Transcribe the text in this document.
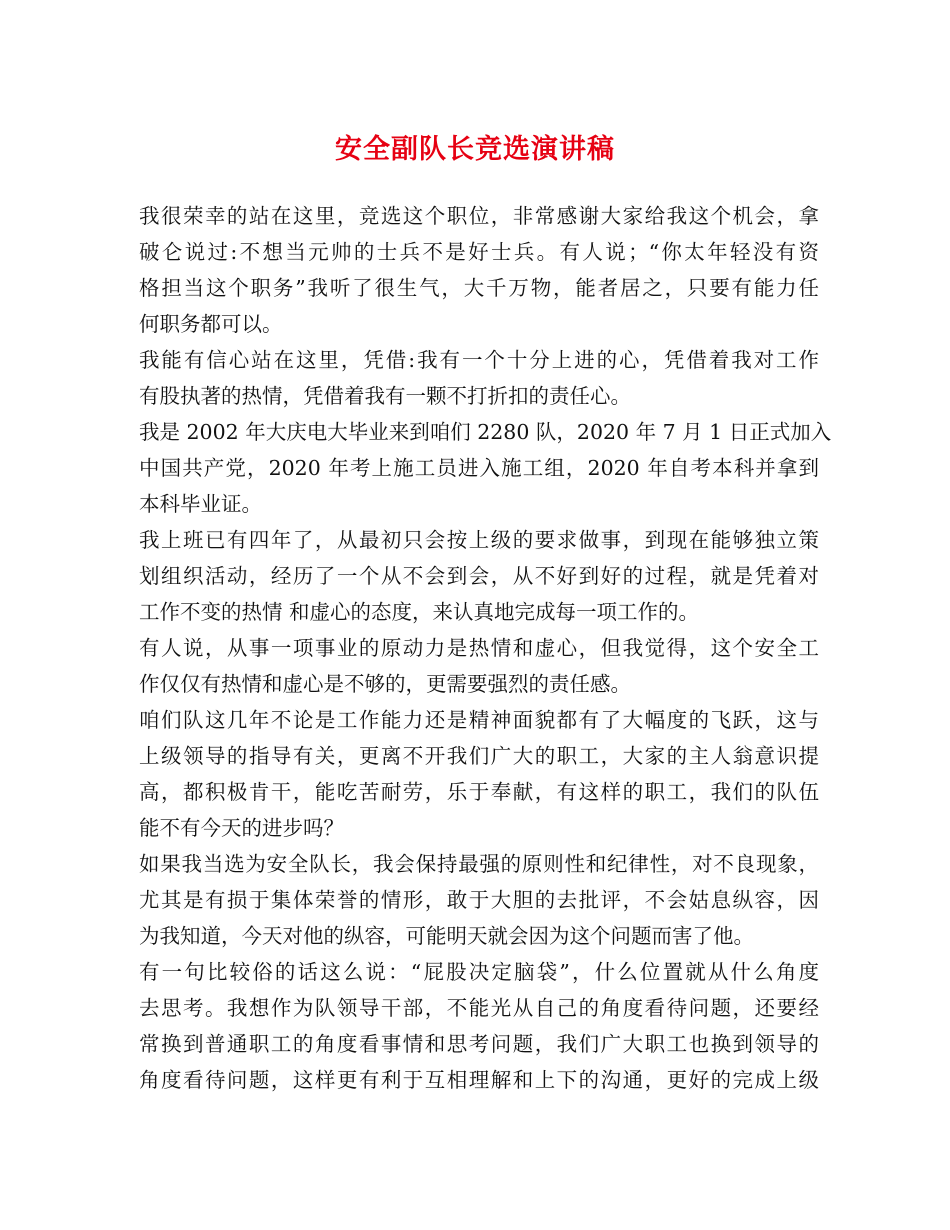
安全副队长竞选演讲稿
我很荣幸的站在这里，竞选这个职位，非常感谢大家给我这个机会，拿
破仑说过:不想当元帅的士兵不是好士兵。有人说；“你太年轻没有资
格担当这个职务”我听了很生气，大千万物，能者居之，只要有能力任
何职务都可以。
我能有信心站在这里，凭借:我有一个十分上进的心，凭借着我对工作
有股执著的热情，凭借着我有一颗不打折扣的责任心。
我是 2002 年大庆电大毕业来到咱们 2280 队，2020 年 7 月 1 日正式加入
中国共产党，2020 年考上施工员进入施工组，2020 年自考本科并拿到
本科毕业证。
我上班已有四年了，从最初只会按上级的要求做事，到现在能够独立策
划组织活动，经历了一个从不会到会，从不好到好的过程，就是凭着对
工作不变的热情 和虚心的态度，来认真地完成每一项工作的。
有人说，从事一项事业的原动力是热情和虚心，但我觉得，这个安全工
作仅仅有热情和虚心是不够的，更需要强烈的责任感。
咱们队这几年不论是工作能力还是精神面貌都有了大幅度的飞跃，这与
上级领导的指导有关，更离不开我们广大的职工，大家的主人翁意识提
高，都积极肯干，能吃苦耐劳，乐于奉献，有这样的职工，我们的队伍
能不有今天的进步吗？
如果我当选为安全队长，我会保持最强的原则性和纪律性，对不良现象，
尤其是有损于集体荣誉的情形，敢于大胆的去批评，不会姑息纵容，因
为我知道，今天对他的纵容，可能明天就会因为这个问题而害了他。
有一句比较俗的话这么说：“屁股决定脑袋”，什么位置就从什么角度
去思考。我想作为队领导干部，不能光从自己的角度看待问题，还要经
常换到普通职工的角度看事情和思考问题，我们广大职工也换到领导的
角度看待问题，这样更有利于互相理解和上下的沟通，更好的完成上级
